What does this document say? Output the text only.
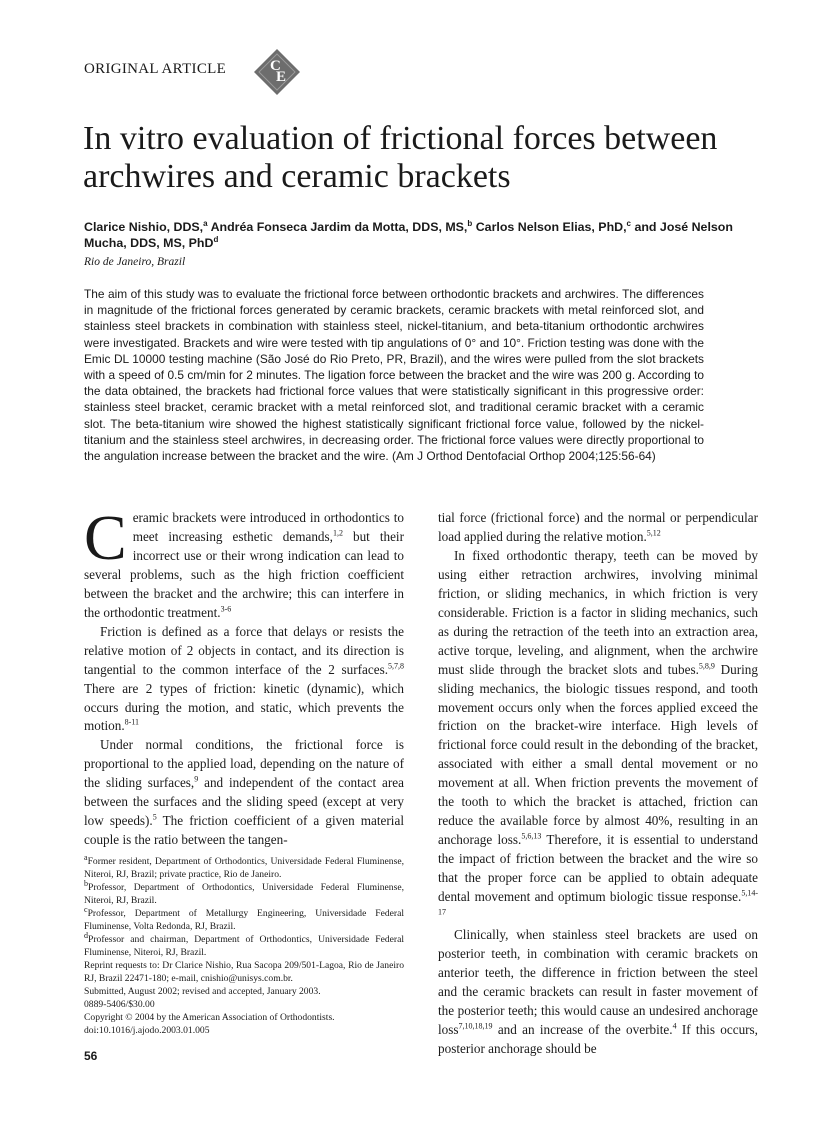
ORIGINAL ARTICLE	C
E
In vitro evaluation of frictional forces between archwires and ceramic brackets
Clarice Nishio, DDS,$^a$ Andréa Fonseca Jardim da Motta, DDS, MS,$^b$ Carlos Nelson Elias, PhD,$^c$ and José Nelson Mucha, DDS, MS, PhD$^d$
Rio de Janeiro, Brazil

The aim of this study was to evaluate the frictional force between orthodontic brackets and archwires. The differences in magnitude of the frictional forces generated by ceramic brackets, ceramic brackets with metal reinforced slot, and stainless steel brackets in combination with stainless steel, nickel-titanium, and beta-titanium orthodontic archwires were investigated. Brackets and wire were tested with tip angulations of 0° and 10°. Friction testing was done with the Emic DL 10000 testing machine (São José do Rio Preto, PR, Brazil), and the wires were pulled from the slot brackets with a speed of 0.5 cm/min for 2 minutes. The ligation force between the bracket and the wire was 200 g. According to the data obtained, the brackets had frictional force values that were statistically significant in this progressive order: stainless steel bracket, ceramic bracket with a metal reinforced slot, and traditional ceramic bracket with a ceramic slot. The beta-titanium wire showed the highest statistically significant frictional force value, followed by the nickel-titanium and the stainless steel archwires, in decreasing order. The frictional force values were directly proportional to the angulation increase between the bracket and the wire. (Am J Orthod Dentofacial Orthop 2004;125:56-64)

Ceramic brackets were introduced in orthodontics to meet increasing esthetic demands,$^{1,2}$ but their incorrect use or their wrong indication can lead to several problems, such as the high friction coefficient between the bracket and the archwire; this can interfere in the orthodontic treatment.$^{3-6}$

Friction is defined as a force that delays or resists the relative motion of 2 objects in contact, and its direction is tangential to the common interface of the 2 surfaces.$^{5,7,8}$ There are 2 types of friction: kinetic (dynamic), which occurs during the motion, and static, which prevents the motion.$^{8-11}$

Under normal conditions, the frictional force is proportional to the applied load, depending on the nature of the sliding surfaces,$^9$ and independent of the contact area between the surfaces and the sliding speed (except at very low speeds).$^5$ The friction coefficient of a given material couple is the ratio between the tangen-

tial force (frictional force) and the normal or perpendicular load applied during the relative motion.$^{5,12}$

In fixed orthodontic therapy, teeth can be moved by using either retraction archwires, involving minimal friction, or sliding mechanics, in which friction is very considerable. Friction is a factor in sliding mechanics, such as during the retraction of the teeth into an extraction area, active torque, leveling, and alignment, when the archwire must slide through the bracket slots and tubes.$^{5,8,9}$ During sliding mechanics, the biologic tissues respond, and tooth movement occurs only when the forces applied exceed the friction on the bracket-wire interface. High levels of frictional force could result in the debonding of the bracket, associated with either a small dental movement or no movement at all. When friction prevents the movement of the tooth to which the bracket is attached, friction can reduce the available force by almost 40%, resulting in an anchorage loss.$^{5,6,13}$ Therefore, it is essential to understand the impact of friction between the bracket and the wire so that the proper force can be applied to obtain adequate dental movement and optimum biologic tissue response.$^{5,14-17}$

Clinically, when stainless steel brackets are used on posterior teeth, in combination with ceramic brackets on anterior teeth, the difference in friction between the steel and the ceramic brackets can result in faster movement of the posterior teeth; this would cause an undesired anchorage loss$^{7,10,18,19}$ and an increase of the overbite.$^4$ If this occurs, posterior anchorage should be

$^a$Former resident, Department of Orthodontics, Universidade Federal Fluminense, Niteroi, RJ, Brazil; private practice, Rio de Janeiro.

$^b$Professor, Department of Orthodontics, Universidade Federal Fluminense, Niteroi, RJ, Brazil.

$^c$Professor, Department of Metallurgy Engineering, Universidade Federal Fluminense, Volta Redonda, RJ, Brazil.

$^d$Professor and chairman, Department of Orthodontics, Universidade Federal Fluminense, Niteroi, RJ, Brazil.

Reprint requests to: Dr Clarice Nishio, Rua Sacopa 209/501-Lagoa, Rio de Janeiro RJ, Brazil 22471-180; e-mail, cnishio@unisys.com.br.

Submitted, August 2002; revised and accepted, January 2003.

0889-5406/$30.00

Copyright © 2004 by the American Association of Orthodontists.

doi:10.1016/j.ajodo.2003.01.005

56
